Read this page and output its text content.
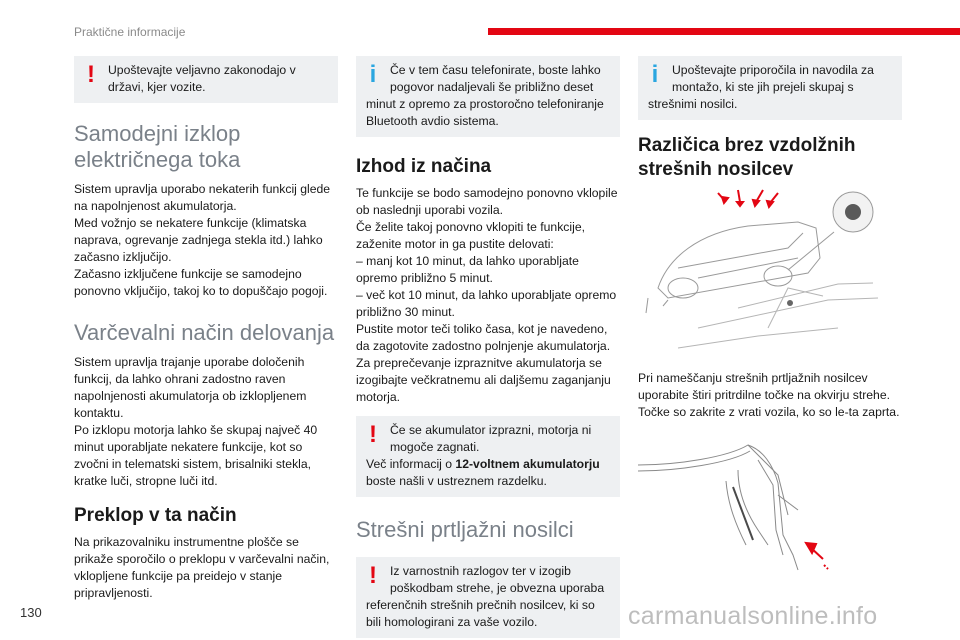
Praktične informacije
!	Upoštevajte veljavno zakonodajo v
državi, kjer vozite.
Samodejni izklop električnega toka

Sistem upravlja uporabo nekaterih funkcij glede na napolnjenost akumulatorja.
Med vožnjo se nekatere funkcije (klimatska naprava, ogrevanje zadnjega stekla itd.) lahko začasno izključijo.
Začasno izključene funkcije se samodejno ponovno vključijo, takoj ko to dopuščajo pogoji.

Varčevalni način delovanja

Sistem upravlja trajanje uporabe določenih funkcij, da lahko ohrani zadostno raven napolnjenosti akumulatorja ob izklopljenem kontaktu.
Po izklopu motorja lahko še skupaj največ 40 minut uporabljate nekatere funkcije, kot so zvočni in telematski sistem, brisalniki stekla, kratke luči, stropne luči itd.

Preklop v ta način

Na prikazovalniku instrumentne plošče se prikaže sporočilo o preklopu v varčevalni način, vklopljene funkcije pa preidejo v stanje pripravljenosti.

i	Če v tem času telefonirate, boste lahko pogovor nadaljevali še približno deset
minut z opremo za prostoročno telefoniranje Bluetooth avdio sistema.
Izhod iz načina

Te funkcije se bodo samodejno ponovno vklopile ob naslednji uporabi vozila.
Če želite takoj ponovno vklopiti te funkcije, zaženite motor in ga pustite delovati:
– manj kot 10 minut, da lahko uporabljate opremo približno 5 minut.
– več kot 10 minut, da lahko uporabljate opremo približno 30 minut.
Pustite motor teči toliko časa, kot je navedeno, da zagotovite zadostno polnjenje akumulatorja.
Za preprečevanje izpraznitve akumulatorja se izogibajte večkratnemu ali daljšemu zaganjanju motorja.

!	Če se akumulator izprazni, motorja ni mogoče zagnati.
Več informacij o 12-voltnem akumulatorju boste našli v ustreznem razdelku.
Strešni prtljažni nosilci
!	Iz varnostnih razlogov ter v izogib poškodbam strehe, je obvezna uporaba
referenčnih strešnih prečnih nosilcev, ki so bili homologirani za vaše vozilo.
i	Upoštevajte priporočila in navodila za montažo, ki ste jih prejeli skupaj s
strešnimi nosilci.
Različica brez vzdolžnih strešnih nosilcev

Pri nameščanju strešnih prtljažnih nosilcev uporabite štiri pritrdilne točke na okvirju strehe.
Točke so zakrite z vrati vozila, ko so le-ta zaprta.

130	carmanualsonline.info
